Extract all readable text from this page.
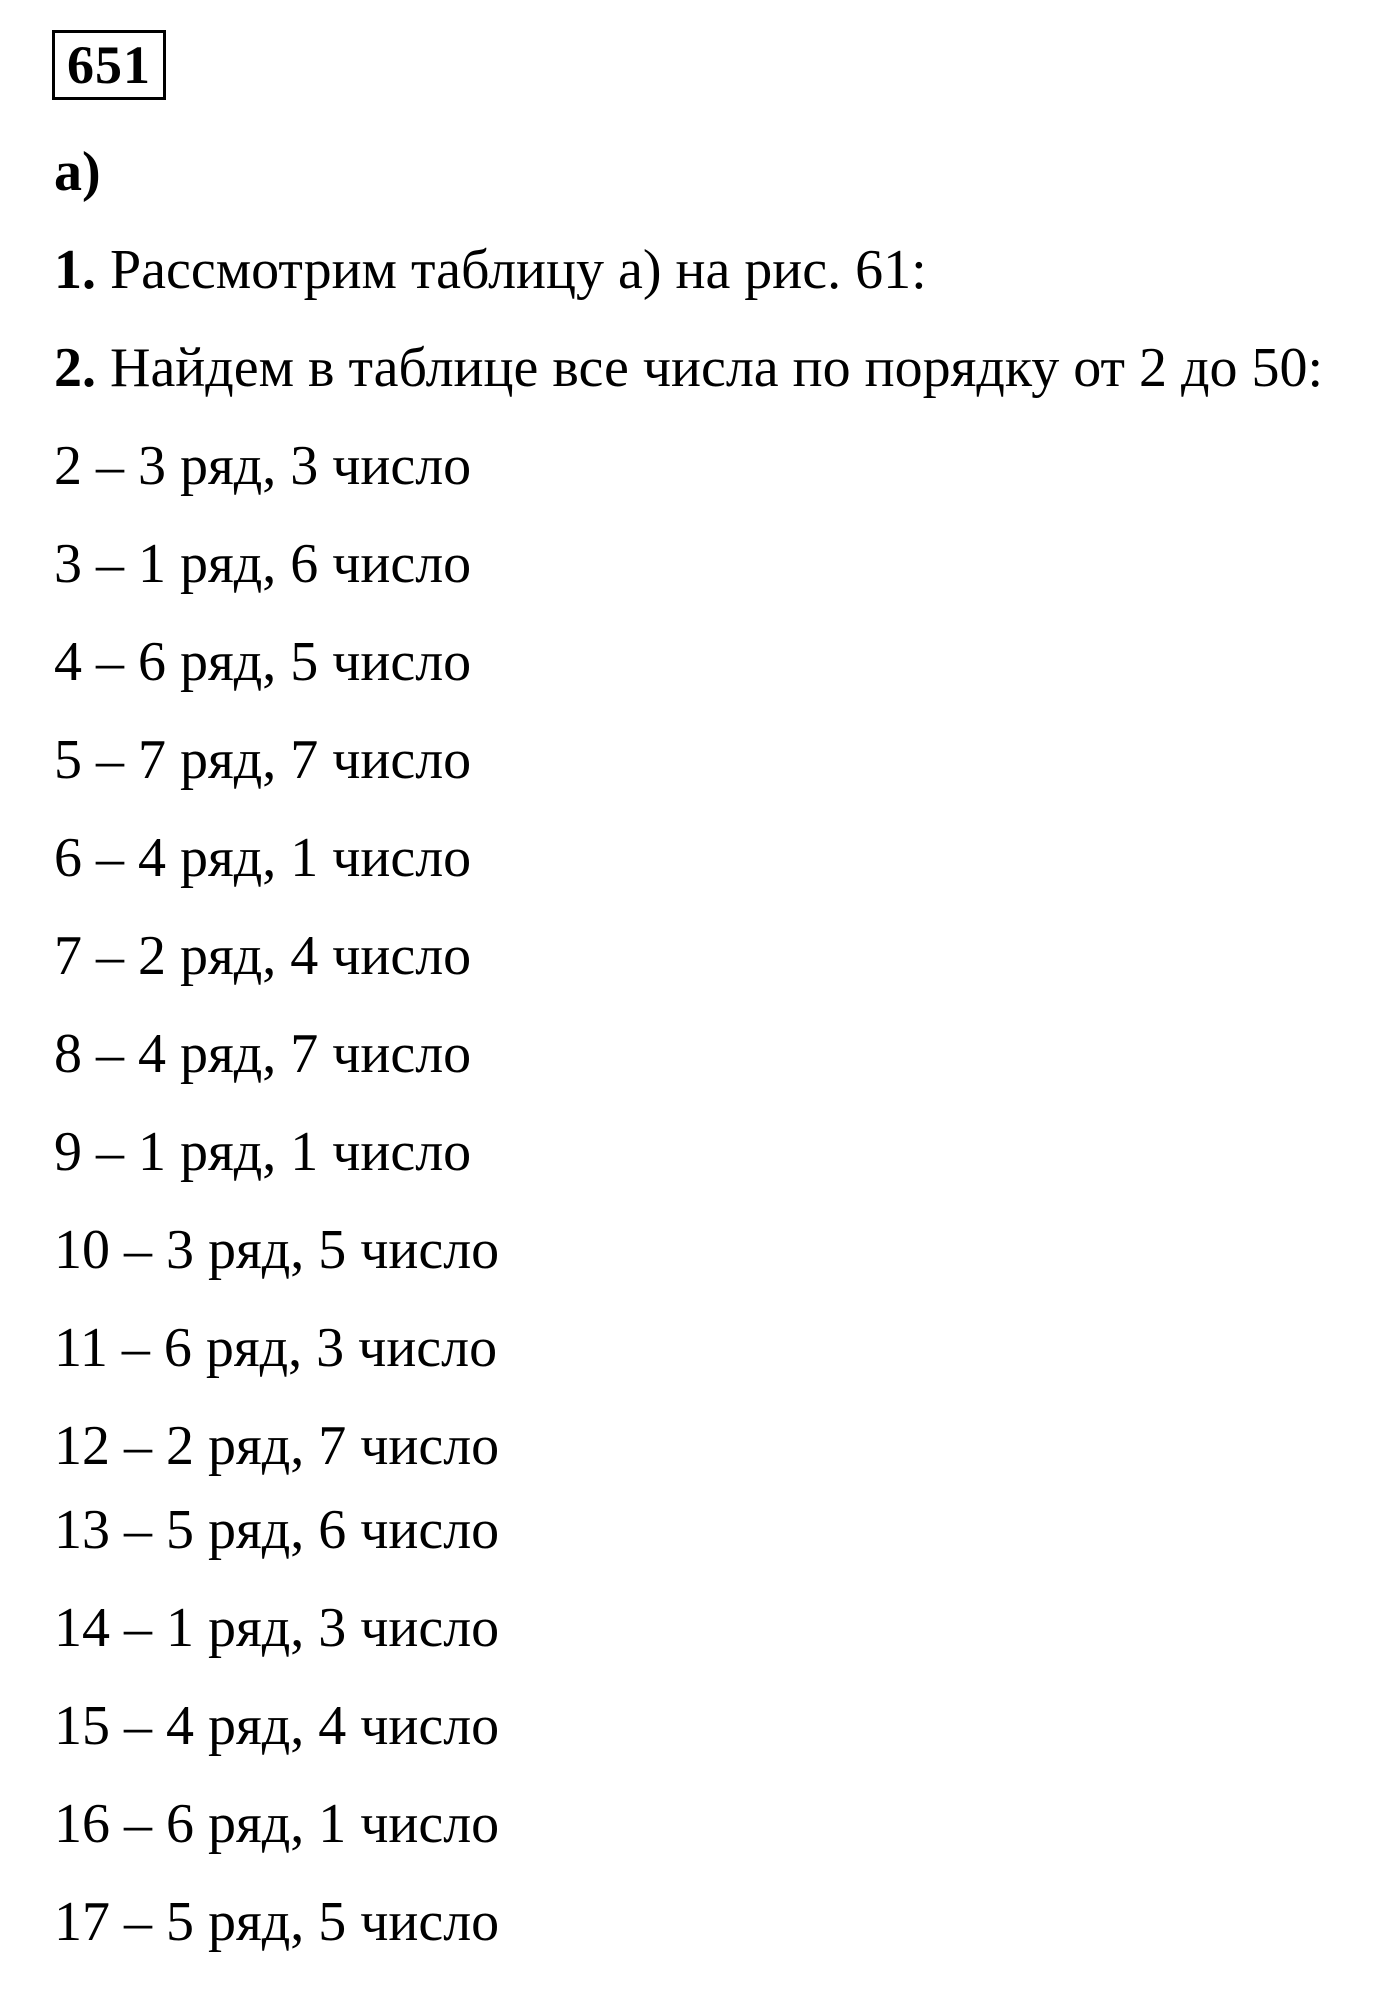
651
а)
1. Рассмотрим таблицу а) на рис. 61:
2. Найдем в таблице все числа по порядку от 2 до 50:
2 – 3 ряд, 3 число
3 – 1 ряд, 6 число
4 – 6 ряд, 5 число
5 – 7 ряд, 7 число
6 – 4 ряд, 1 число
7 – 2 ряд, 4 число
8 – 4 ряд, 7 число
9 – 1 ряд, 1 число
10 – 3 ряд, 5 число
11 – 6 ряд, 3 число
12 – 2 ряд, 7 число
13 – 5 ряд, 6 число
14 – 1 ряд, 3 число
15 – 4 ряд, 4 число
16 – 6 ряд, 1 число
17 – 5 ряд, 5 число
